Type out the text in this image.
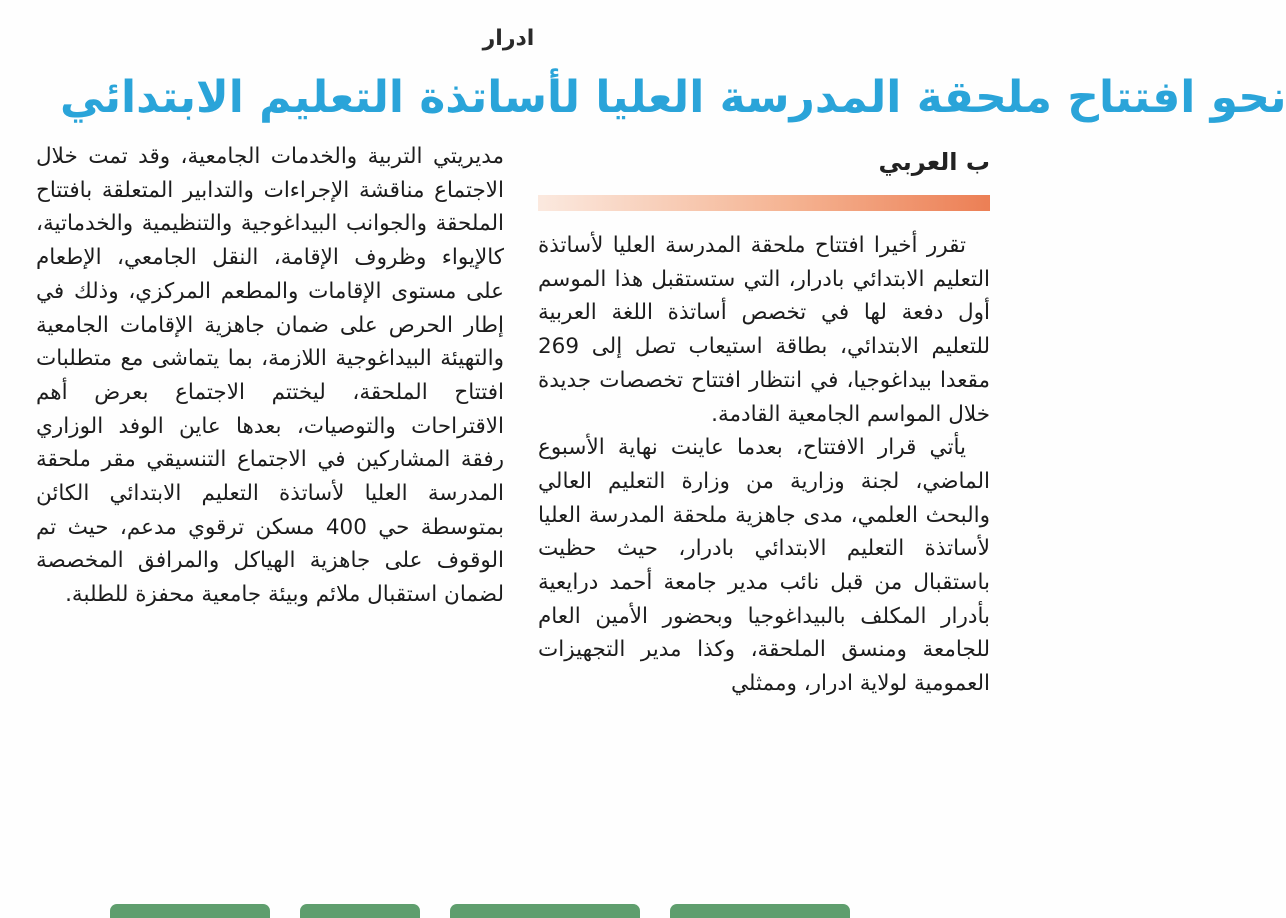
ادرار
نحو افتتاح ملحقة المدرسة العليا لأساتذة التعليم الابتدائي
ب العربي

تقرر أخيرا افتتاح ملحقة المدرسة العليا لأساتذة التعليم الابتدائي بادرار، التي ستستقبل هذا الموسم أول دفعة لها في تخصص أساتذة اللغة العربية للتعليم الابتدائي، بطاقة استيعاب تصل إلى 269 مقعدا بيداغوجيا، في انتظار افتتاح تخصصات جديدة خلال المواسم الجامعية القادمة.

يأتي قرار الافتتاح، بعدما عاينت نهاية الأسبوع الماضي، لجنة وزارية من وزارة التعليم العالي والبحث العلمي، مدى جاهزية ملحقة المدرسة العليا لأساتذة التعليم الابتدائي بادرار، حيث حظيت باستقبال من قبل نائب مدير جامعة أحمد درايعية بأدرار المكلف بالبيداغوجيا وبحضور الأمين العام للجامعة ومنسق الملحقة، وكذا مدير التجهيزات العمومية لولاية ادرار، وممثلي

مديريتي التربية والخدمات الجامعية، وقد تمت خلال الاجتماع مناقشة الإجراءات والتدابير المتعلقة بافتتاح الملحقة والجوانب البيداغوجية والتنظيمية والخدماتية، كالإيواء وظروف الإقامة، النقل الجامعي، الإطعام على مستوى الإقامات والمطعم المركزي، وذلك في إطار الحرص على ضمان جاهزية الإقامات الجامعية والتهيئة البيداغوجية اللازمة، بما يتماشى مع متطلبات افتتاح الملحقة، ليختتم الاجتماع بعرض أهم الاقتراحات والتوصيات، بعدها عاين الوفد الوزاري رفقة المشاركين في الاجتماع التنسيقي مقر ملحقة المدرسة العليا لأساتذة التعليم الابتدائي الكائن بمتوسطة حي 400 مسكن ترقوي مدعم، حيث تم الوقوف على جاهزية الهياكل والمرافق المخصصة لضمان استقبال ملائم وبيئة جامعية محفزة للطلبة.
